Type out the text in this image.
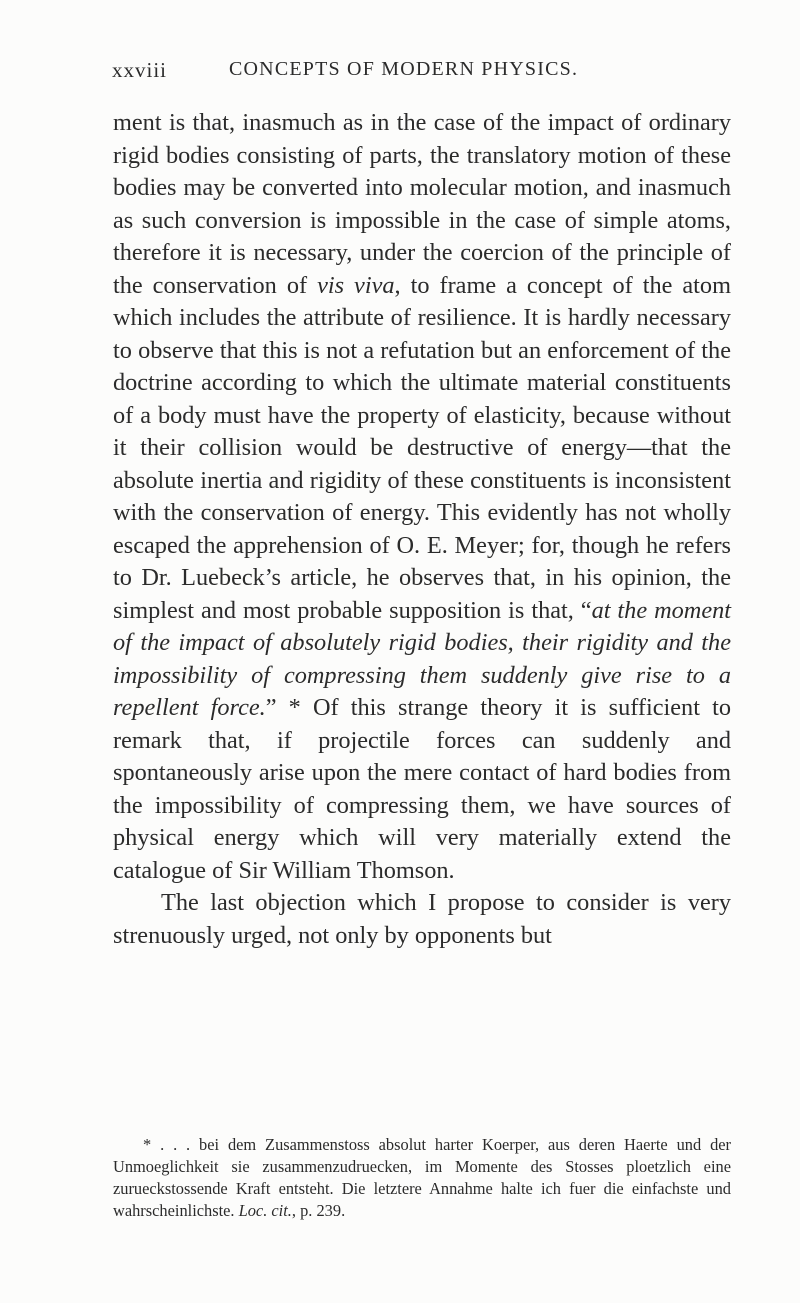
xxviii	CONCEPTS OF MODERN PHYSICS.

ment is that, inasmuch as in the case of the impact of ordinary rigid bodies consisting of parts, the translatory motion of these bodies may be converted into molecular motion, and inasmuch as such conversion is impossible in the case of simple atoms, therefore it is necessary, under the coercion of the principle of the conservation of vis viva, to frame a concept of the atom which includes the attribute of resilience. It is hardly necessary to observe that this is not a refutation but an enforcement of the doctrine according to which the ultimate material constituents of a body must have the property of elasticity, because without it their collision would be destructive of energy—that the absolute inertia and rigidity of these constituents is inconsistent with the conservation of energy. This evidently has not wholly escaped the apprehension of O. E. Meyer; for, though he refers to Dr. Luebeck’s article, he observes that, in his opinion, the simplest and most probable supposition is that, “at the moment of the impact of absolutely rigid bodies, their rigidity and the impossibility of compressing them suddenly give rise to a repellent force.” * Of this strange theory it is sufficient to remark that, if projectile forces can suddenly and spontaneously arise upon the mere contact of hard bodies from the impossibility of compressing them, we have sources of physical energy which will very materially extend the catalogue of Sir William Thomson.

The last objection which I propose to consider is very strenuously urged, not only by opponents but

* . . . bei dem Zusammenstoss absolut harter Koerper, aus deren Haerte und der Unmoeglichkeit sie zusammenzudruecken, im Momente des Stosses ploetzlich eine zurueckstossende Kraft entsteht. Die letztere Annahme halte ich fuer die einfachste und wahrscheinlichste. Loc. cit., p. 239.
